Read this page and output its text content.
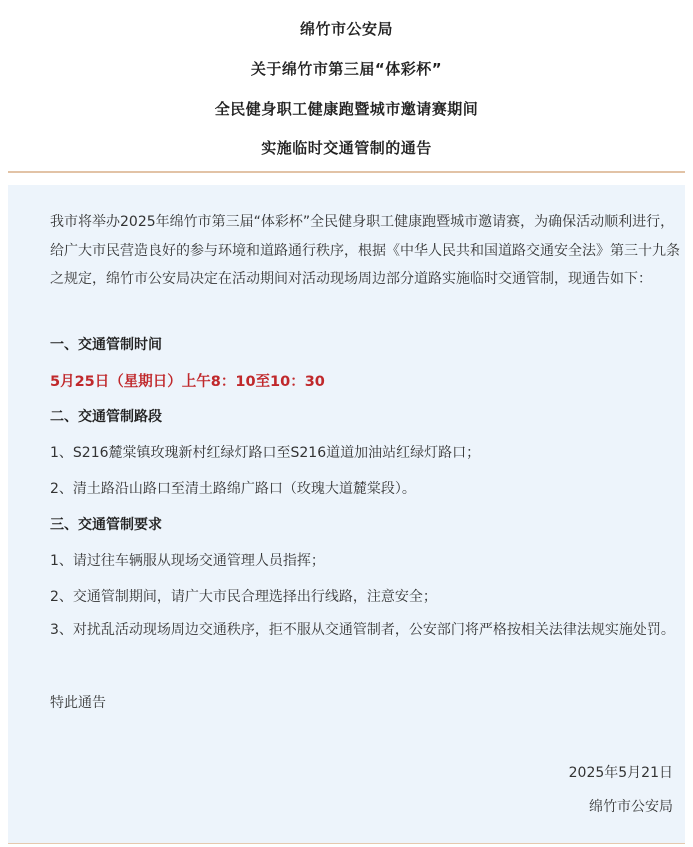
绵竹市公安局
关于绵竹市第三届“体彩杯”
全民健身职工健康跑暨城市邀请赛期间
实施临时交通管制的通告

我市将举办2025年绵竹市第三届“体彩杯”全民健身职工健康跑暨城市邀请赛，为确保活动顺利进行，给广大市民营造良好的参与环境和道路通行秩序，根据《中华人民共和国道路交通安全法》第三十九条之规定，绵竹市公安局决定在活动期间对活动现场周边部分道路实施临时交通管制，现通告如下：

一、交通管制时间
5月25日（星期日）上午8：10至10：30
二、交通管制路段
1、S216麓棠镇玫瑰新村红绿灯路口至S216道道加油站红绿灯路口；
2、清土路沿山路口至清土路绵广路口（玫瑰大道麓棠段）。
三、交通管制要求
1、请过往车辆服从现场交通管理人员指挥；
2、交通管制期间，请广大市民合理选择出行线路，注意安全；

3、对扰乱活动现场周边交通秩序，拒不服从交通管制者，公安部门将严格按相关法律法规实施处罚。

特此通告
2025年5月21日
绵竹市公安局
